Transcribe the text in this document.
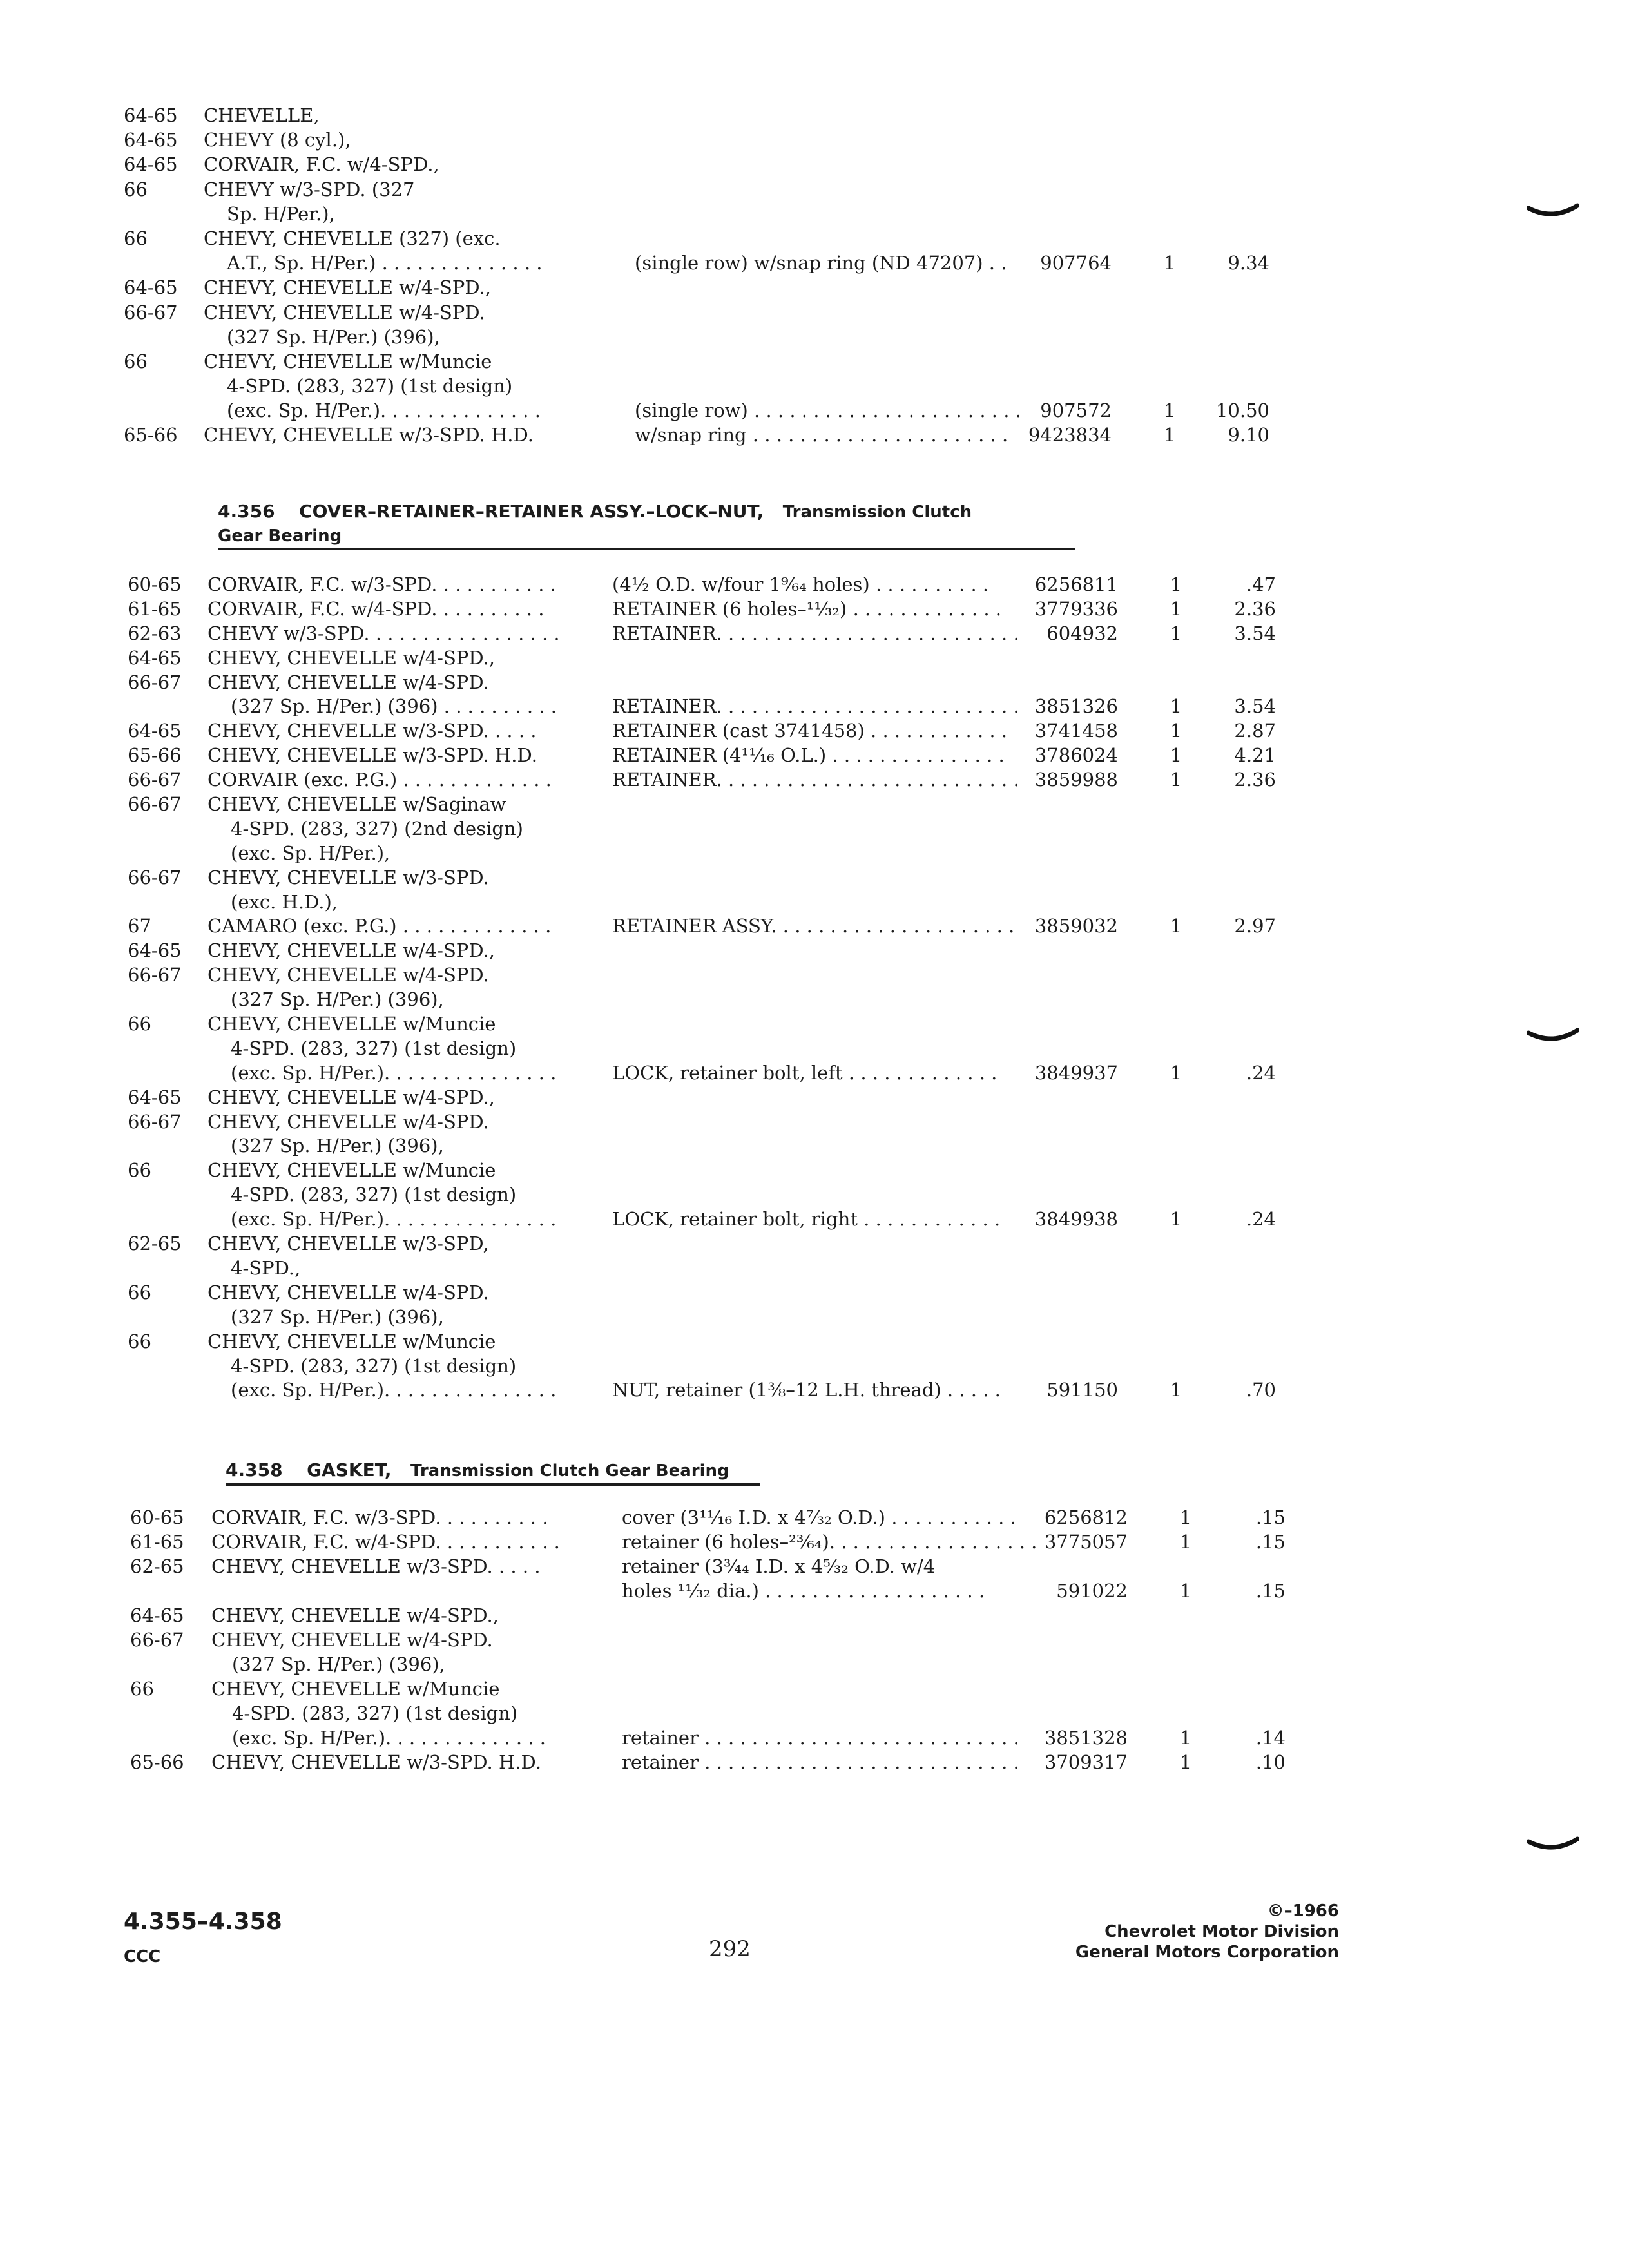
64-65 CHEVELLE,
64-65 CHEVY (8 cyl.),
64-65 CORVAIR, F.C. w/4-SPD.,
66	CHEVY w/3-SPD. (327
Sp. H/Per.),
66	CHEVY, CHEVELLE (327) (exc.
A.T., Sp. H/Per.) . . . . . . . . . . . . . .	(single row) w/snap ring (ND 47207) . .	907764	1	9.34
64-65 CHEVY, CHEVELLE w/4-SPD.,
66-67 CHEVY, CHEVELLE w/4-SPD.
(327 Sp. H/Per.) (396),
66	CHEVY, CHEVELLE w/Muncie
4-SPD. (283, 327) (1st design)
(exc. Sp. H/Per.). . . . . . . . . . . . . .	(single row) . . . . . . . . . . . . . . . . . . . . . . .	907572	1	10.50
65-66 CHEVY, CHEVELLE w/3-SPD. H.D.	w/snap ring . . . . . . . . . . . . . . . . . . . . . .	9423834	1	9.10
4.356 COVER–RETAINER–RETAINER ASSY.–LOCK–NUT, Transmission Clutch
Gear Bearing
60-65 CORVAIR, F.C. w/3-SPD. . . . . . . . . . .	(4½ O.D. w/four 1⁹⁄₆₄ holes) . . . . . . . . . .	6256811	1	.47
61-65 CORVAIR, F.C. w/4-SPD. . . . . . . . . .	RETAINER (6 holes–¹¹⁄₃₂) . . . . . . . . . . . . .	3779336	1	2.36
62-63 CHEVY w/3-SPD. . . . . . . . . . . . . . . . .	RETAINER. . . . . . . . . . . . . . . . . . . . . . . . . .	604932	1	3.54
64-65 CHEVY, CHEVELLE w/4-SPD.,
66-67 CHEVY, CHEVELLE w/4-SPD.
(327 Sp. H/Per.) (396) . . . . . . . . . .	RETAINER. . . . . . . . . . . . . . . . . . . . . . . . . . 3851326	1	3.54
64-65 CHEVY, CHEVELLE w/3-SPD. . . . .	RETAINER (cast 3741458) . . . . . . . . . . . .	3741458	1	2.87
65-66 CHEVY, CHEVELLE w/3-SPD. H.D.	RETAINER (4¹¹⁄₁₆ O.L.) . . . . . . . . . . . . . . .	3786024	1	4.21
66-67 CORVAIR (exc. P.G.) . . . . . . . . . . . . .	RETAINER. . . . . . . . . . . . . . . . . . . . . . . . . . 3859988	1	2.36
66-67 CHEVY, CHEVELLE w/Saginaw
4-SPD. (283, 327) (2nd design)
(exc. Sp. H/Per.),
66-67 CHEVY, CHEVELLE w/3-SPD.
(exc. H.D.),
67	CAMARO (exc. P.G.) . . . . . . . . . . . . .	RETAINER ASSY. . . . . . . . . . . . . . . . . . . . .	3859032	1	2.97
64-65 CHEVY, CHEVELLE w/4-SPD.,
66-67 CHEVY, CHEVELLE w/4-SPD.
(327 Sp. H/Per.) (396),
66	CHEVY, CHEVELLE w/Muncie
4-SPD. (283, 327) (1st design)
(exc. Sp. H/Per.). . . . . . . . . . . . . . .	LOCK, retainer bolt, left . . . . . . . . . . . . .	3849937	1	.24
64-65 CHEVY, CHEVELLE w/4-SPD.,
66-67 CHEVY, CHEVELLE w/4-SPD.
(327 Sp. H/Per.) (396),
66	CHEVY, CHEVELLE w/Muncie
4-SPD. (283, 327) (1st design)
(exc. Sp. H/Per.). . . . . . . . . . . . . . .	LOCK, retainer bolt, right . . . . . . . . . . . .	3849938	1	.24
62-65 CHEVY, CHEVELLE w/3-SPD,
4-SPD.,
66	CHEVY, CHEVELLE w/4-SPD.
(327 Sp. H/Per.) (396),
66	CHEVY, CHEVELLE w/Muncie
4-SPD. (283, 327) (1st design)
(exc. Sp. H/Per.). . . . . . . . . . . . . . .	NUT, retainer (1⅜–12 L.H. thread) . . . . .	591150	1	.70
4.358 GASKET, Transmission Clutch Gear Bearing
60-65 CORVAIR, F.C. w/3-SPD. . . . . . . . . .	cover (3¹¹⁄₁₆ I.D. x 4⁷⁄₃₂ O.D.) . . . . . . . . . . .	6256812	1	.15
61-65 CORVAIR, F.C. w/4-SPD. . . . . . . . . . .	retainer (6 holes–²³⁄₆₄). . . . . . . . . . . . . . . . . . 3775057	1	.15
62-65 CHEVY, CHEVELLE w/3-SPD. . . . .	retainer (3¾₄ I.D. x 4⁵⁄₃₂ O.D. w/4
holes ¹¹⁄₃₂ dia.) . . . . . . . . . . . . . . . . . . .	591022	1	.15
64-65 CHEVY, CHEVELLE w/4-SPD.,
66-67 CHEVY, CHEVELLE w/4-SPD.
(327 Sp. H/Per.) (396),
66	CHEVY, CHEVELLE w/Muncie
4-SPD. (283, 327) (1st design)
(exc. Sp. H/Per.). . . . . . . . . . . . . .	retainer . . . . . . . . . . . . . . . . . . . . . . . . . . .	3851328	1	.14
65-66 CHEVY, CHEVELLE w/3-SPD. H.D.	retainer . . . . . . . . . . . . . . . . . . . . . . . . . . .	3709317	1	.10
4.355–4.358
CCC	292
©–1966
Chevrolet Motor Division
General Motors Corporation
